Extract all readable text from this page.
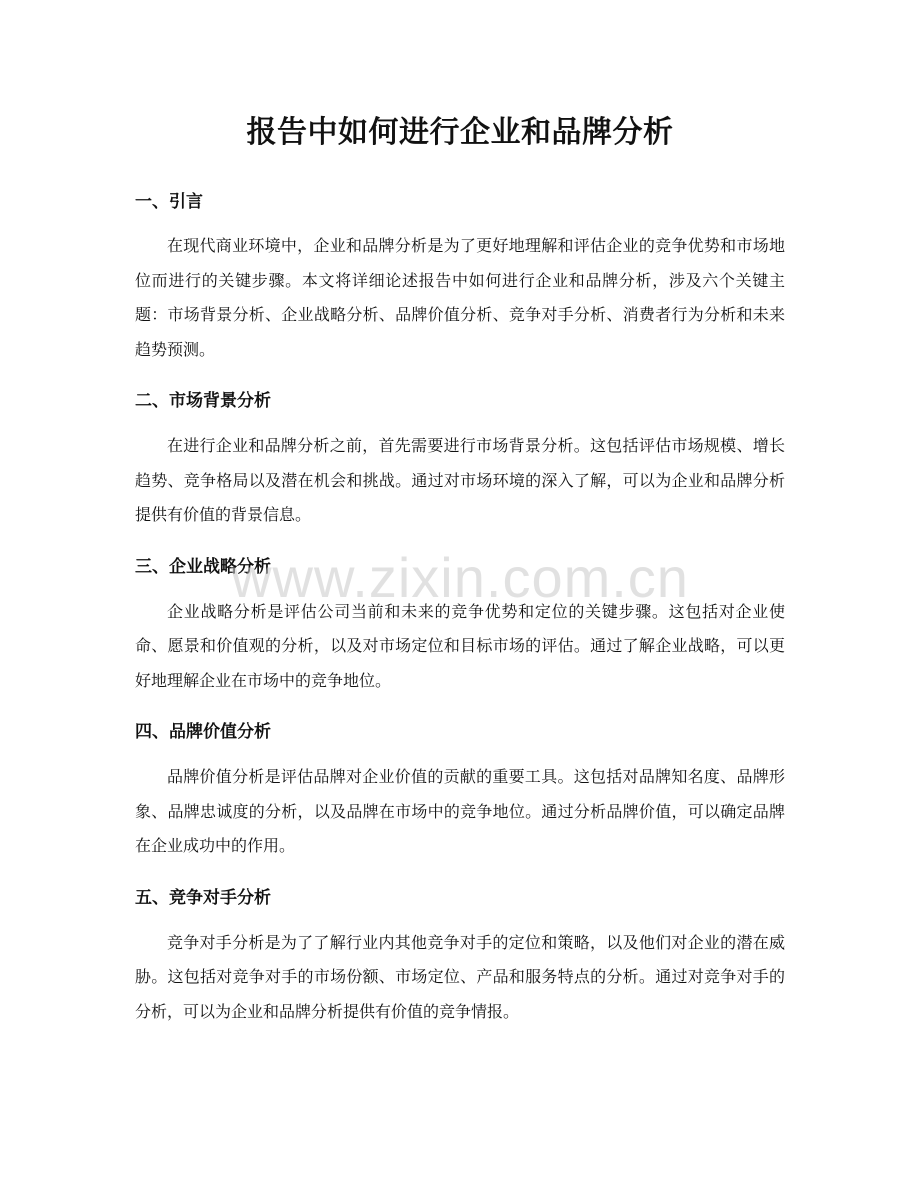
报告中如何进行企业和品牌分析
一、引言

在现代商业环境中，企业和品牌分析是为了更好地理解和评估企业的竞争优势和市场地位而进行的关键步骤。本文将详细论述报告中如何进行企业和品牌分析，涉及六个关键主题：市场背景分析、企业战略分析、品牌价值分析、竞争对手分析、消费者行为分析和未来趋势预测。

二、市场背景分析

在进行企业和品牌分析之前，首先需要进行市场背景分析。这包括评估市场规模、增长趋势、竞争格局以及潜在机会和挑战。通过对市场环境的深入了解，可以为企业和品牌分析提供有价值的背景信息。

三、企业战略分析

企业战略分析是评估公司当前和未来的竞争优势和定位的关键步骤。这包括对企业使命、愿景和价值观的分析，以及对市场定位和目标市场的评估。通过了解企业战略，可以更好地理解企业在市场中的竞争地位。

四、品牌价值分析

品牌价值分析是评估品牌对企业价值的贡献的重要工具。这包括对品牌知名度、品牌形象、品牌忠诚度的分析，以及品牌在市场中的竞争地位。通过分析品牌价值，可以确定品牌在企业成功中的作用。

五、竞争对手分析

竞争对手分析是为了了解行业内其他竞争对手的定位和策略，以及他们对企业的潜在威胁。这包括对竞争对手的市场份额、市场定位、产品和服务特点的分析。通过对竞争对手的分析，可以为企业和品牌分析提供有价值的竞争情报。

www.zixin.com.cn
